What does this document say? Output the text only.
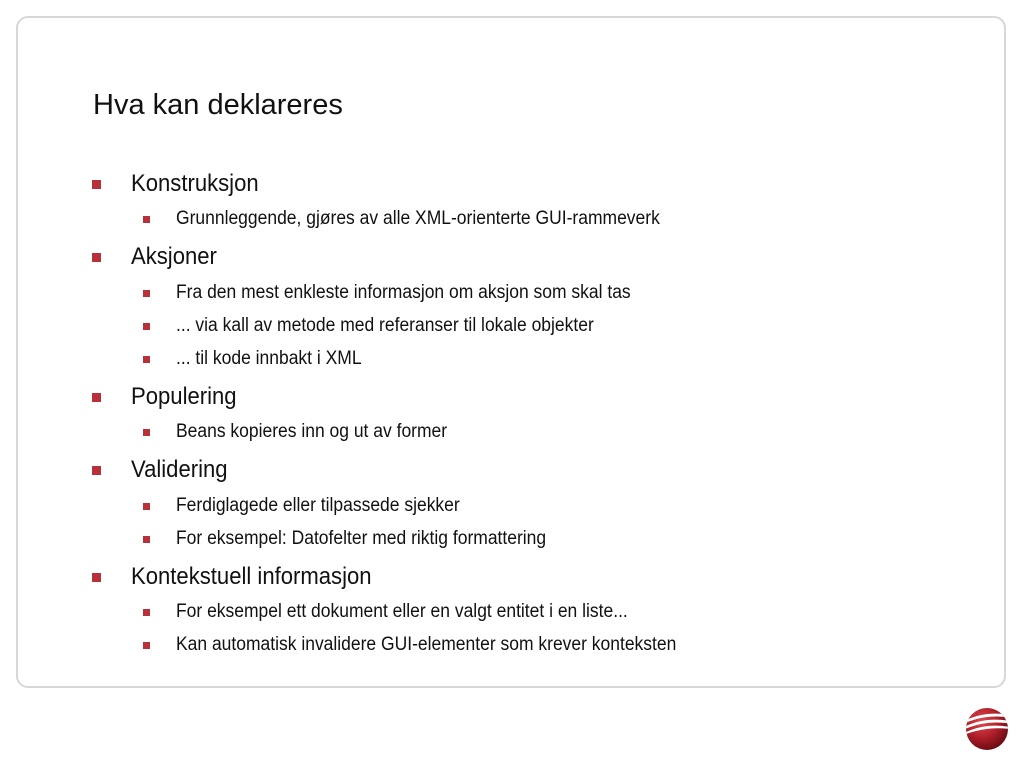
Hva kan deklareres
Konstruksjon
Grunnleggende, gjøres av alle XML-orienterte GUI-rammeverk
Aksjoner
Fra den mest enkleste informasjon om aksjon som skal tas
... via kall av metode med referanser til lokale objekter
... til kode innbakt i XML
Populering
Beans kopieres inn og ut av former
Validering
Ferdiglagede eller tilpassede sjekker
For eksempel: Datofelter med riktig formattering
Kontekstuell informasjon
For eksempel ett dokument eller en valgt entitet i en liste...
Kan automatisk invalidere GUI-elementer som krever konteksten
